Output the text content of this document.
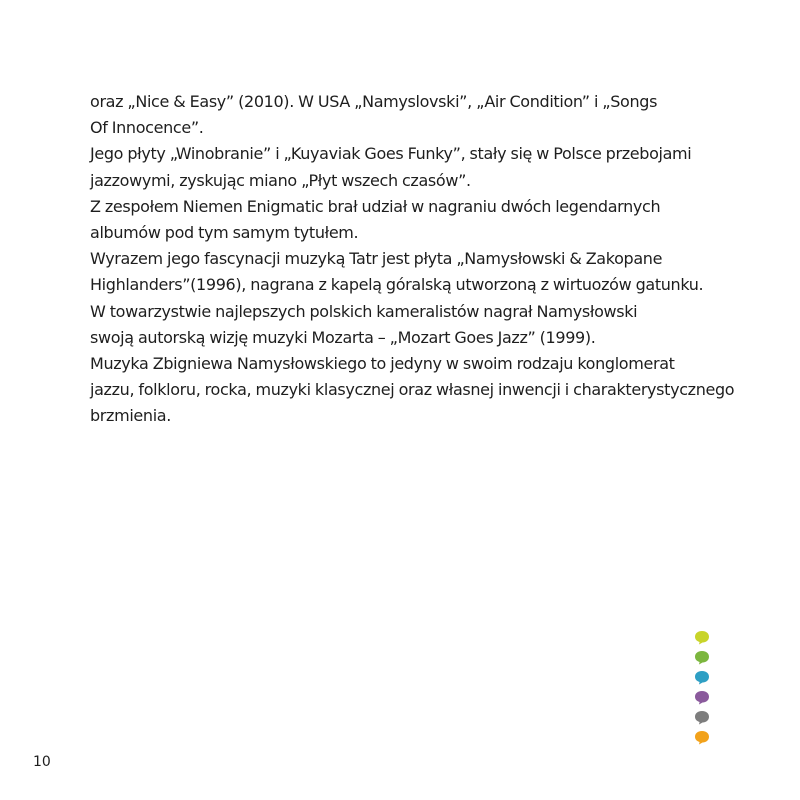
oraz „Nice & Easy” (2010). W USA „Namyslovski”, „Air Condition” i „Songs
Of Innocence”.
Jego płyty „Winobranie” i „Kuyaviak Goes Funky”, stały się w Polsce przebojami
jazzowymi, zyskując miano „Płyt wszech czasów”.
Z zespołem Niemen Enigmatic brał udział w nagraniu dwóch legendarnych
albumów pod tym samym tytułem.
Wyrazem jego fascynacji muzyką Tatr jest płyta „Namysłowski & Zakopane
Highlanders”(1996), nagrana z kapelą góralską utworzoną z wirtuozów gatunku.
W towarzystwie najlepszych polskich kameralistów nagrał Namysłowski
swoją autorską wizję muzyki Mozarta – „Mozart Goes Jazz” (1999).
Muzyka Zbigniewa Namysłowskiego to jedyny w swoim rodzaju konglomerat
jazzu, folkloru, rocka, muzyki klasycznej oraz własnej inwencji i charakterystycznego
brzmienia.
10
